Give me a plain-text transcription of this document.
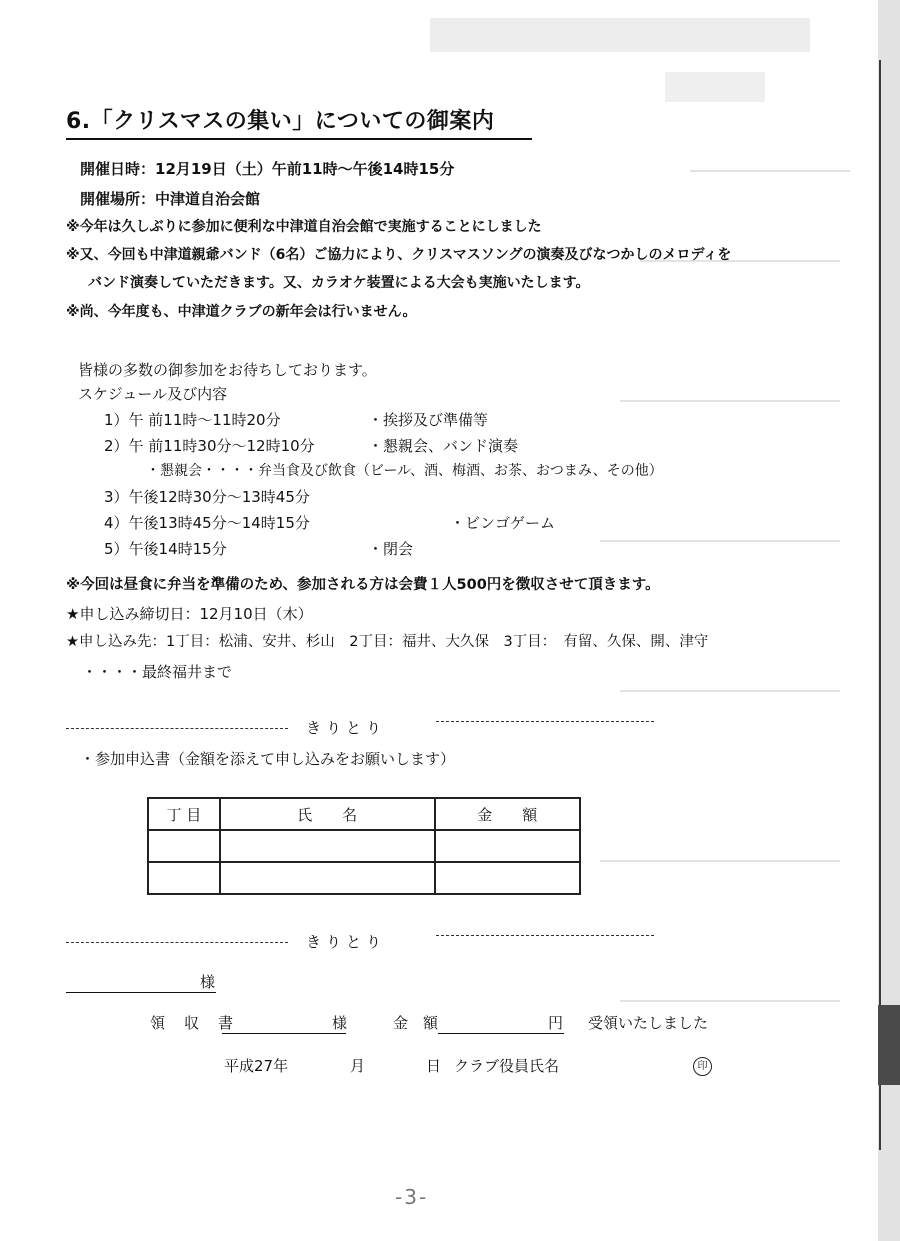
6.「クリスマスの集い」についての御案内
開催日時：12月19日（土）午前11時～午後14時15分
開催場所：中津道自治会館
※今年は久しぶりに参加に便利な中津道自治会館で実施することにしました
※又、今回も中津道親爺バンド（6名）ご協力により、クリスマスソングの演奏及びなつかしのメロディを
バンド演奏していただきます。又、カラオケ装置による大会も実施いたします。
※尚、今年度も、中津道クラブの新年会は行いません。
皆様の多数の御参加をお待ちしております。
スケジュール及び内容
1）午 前11時～11時20分	・挨拶及び準備等
2）午 前11時30分～12時10分	・懇親会、バンド演奏
・懇親会・・・・弁当食及び飲食（ビール、酒、梅酒、お茶、おつまみ、その他）
3）午後12時30分～13時45分
4）午後13時45分～14時15分	・ビンゴゲーム
5）午後14時15分	・閉会
※今回は昼食に弁当を準備のため、参加される方は会費１人500円を徴収させて頂きます。
★申し込み締切日：12月10日（木）
★申し込み先：1丁目：松浦、安井、杉山　2丁目：福井、大久保　3丁目：　有留、久保、開、津守
・・・・最終福井まで
きりとり
・参加申込書（金額を添えて申し込みをお願いします）
丁 目	氏　　名	金　　額

きりとり
様
領　収　書	様	金　額	円 受領いたしました
平成27年	月	日 クラブ役員氏名	印
-3-
